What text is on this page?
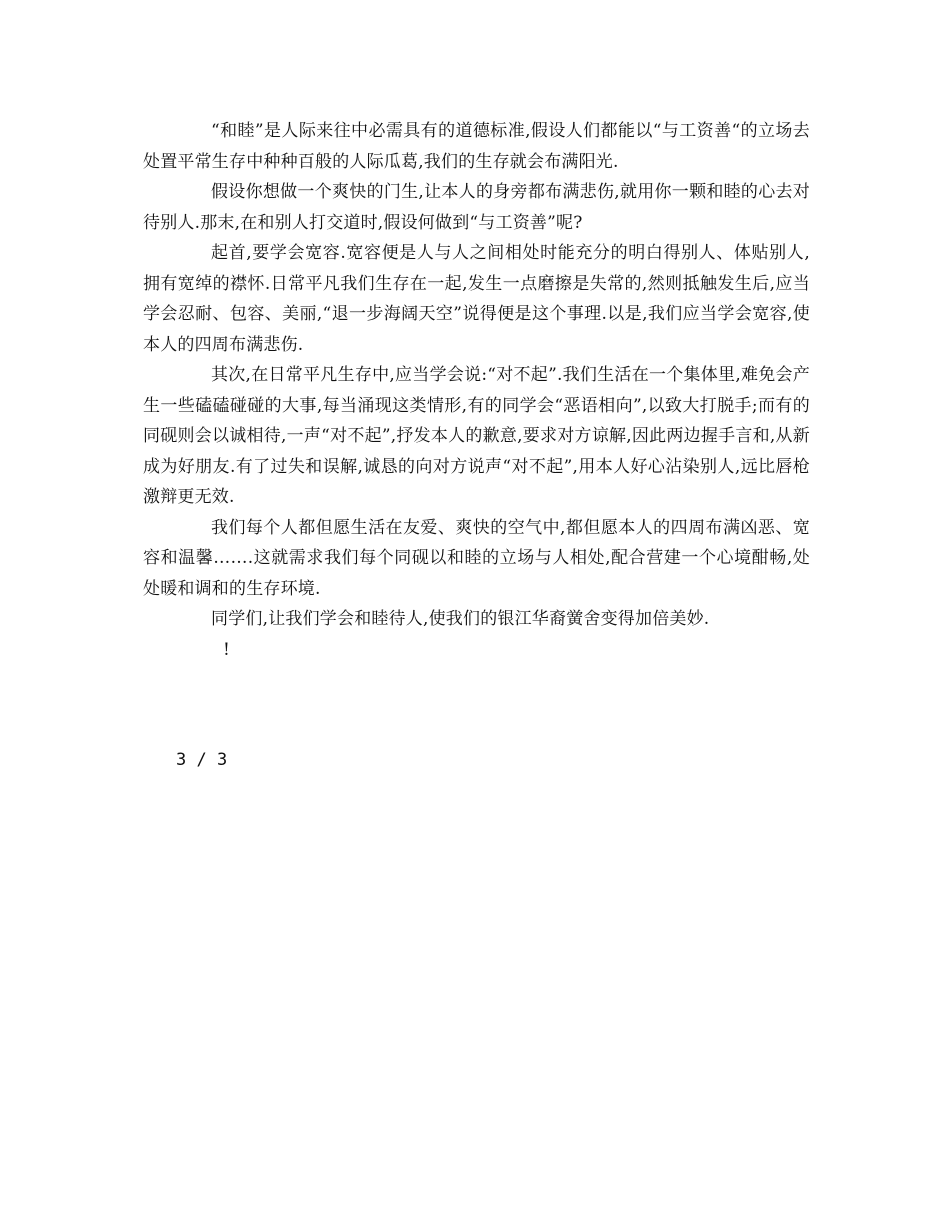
“和睦”是人际来往中必需具有的道德标准,假设人们都能以“与工资善“的立场去处置平常生存中种种百般的人际瓜葛,我们的生存就会布满阳光.

假设你想做一个爽快的门生,让本人的身旁都布满悲伤,就用你一颗和睦的心去对待别人.那末,在和别人打交道时,假设何做到“与工资善”呢?

起首,要学会宽容.宽容便是人与人之间相处时能充分的明白得别人、体贴别人,拥有宽绰的襟怀.日常平凡我们生存在一起,发生一点磨擦是失常的,然则抵触发生后,应当学会忍耐、包容、美丽,“退一步海阔天空”说得便是这个事理.以是,我们应当学会宽容,使本人的四周布满悲伤.

其次,在日常平凡生存中,应当学会说:“对不起”.我们生活在一个集体里,难免会产生一些磕磕碰碰的大事,每当涌现这类情形,有的同学会“恶语相向”,以致大打脱手;而有的同砚则会以诚相待,一声“对不起”,抒发本人的歉意,要求对方谅解,因此两边握手言和,从新成为好朋友.有了过失和误解,诚恳的向对方说声“对不起”,用本人好心沾染别人,远比唇枪激辩更无效.

我们每个人都但愿生活在友爱、爽快的空气中,都但愿本人的四周布满凶恶、宽容和温馨…….这就需求我们每个同砚以和睦的立场与人相处,配合营建一个心境酣畅,处处暖和调和的生存环境.

同学们,让我们学会和睦待人,使我们的银江华裔黉舍变得加倍美妙.

!

3 / 3
